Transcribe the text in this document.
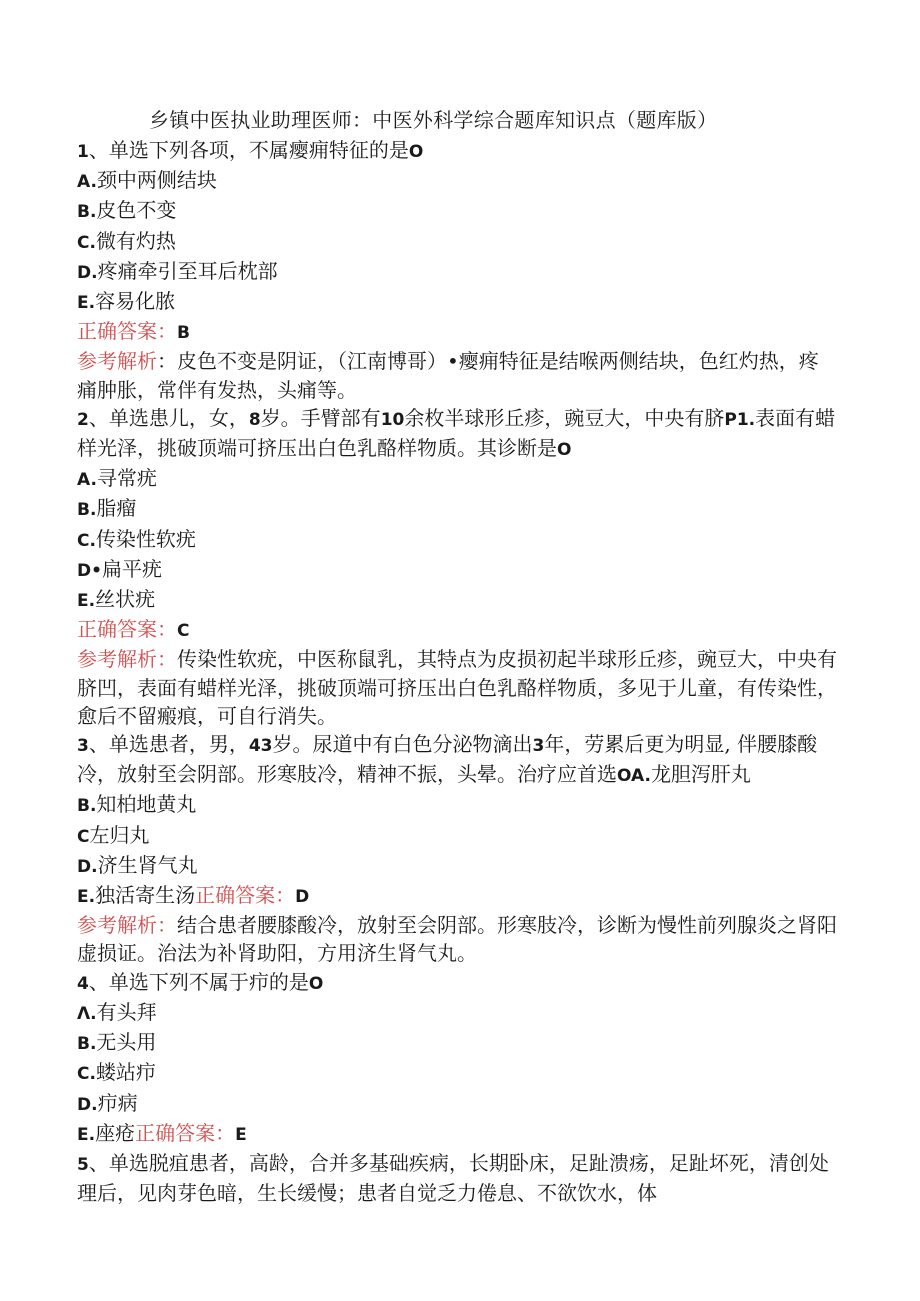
乡镇中医执业助理医师：中医外科学综合题库知识点（题库版）
1、单选下列各项，不属瘿痈特征的是O
A.颈中两侧结块
B.皮色不变
C.微有灼热
D.疼痛牵引至耳后枕部
E.容易化脓
正确答案：B
参考解析：皮色不变是阴证，（江南博哥）•瘿痈特征是结喉两侧结块，色红灼热，疼痛肿胀，常伴有发热，头痛等。
2、单选患儿，女，8岁。手臂部有10余枚半球形丘疹，豌豆大，中央有脐P1.表面有蜡样光泽，挑破顶端可挤压出白色乳酪样物质。其诊断是O
A.寻常疣
B.脂瘤
C.传染性软疣
D•扁平疣
E.丝状疣
正确答案：C
参考解析：传染性软疣，中医称鼠乳，其特点为皮损初起半球形丘疹，豌豆大，中央有脐凹，表面有蜡样光泽，挑破顶端可挤压出白色乳酪样物质，多见于儿童，有传染性，愈后不留瘢痕，可自行消失。
3、单选患者，男，43岁。尿道中有白色分泌物滴出3年，劳累后更为明显, 伴腰膝酸冷，放射至会阴部。形寒肢冷，精神不振，头晕。治疗应首选OA.龙胆泻肝丸
B.知柏地黄丸
C左归丸
D.济生肾气丸
E.独活寄生汤正确答案：D
参考解析：结合患者腰膝酸冷，放射至会阴部。形寒肢冷，诊断为慢性前列腺炎之肾阳虚损证。治法为补肾助阳，方用济生肾气丸。
4、单选下列不属于疖的是O
Λ.有头拜
B.无头用
C.蝼站疖
D.疖病
E.座疮正确答案：E
5、单选脱疽患者，高龄，合并多基础疾病，长期卧床，足趾溃疡，足趾坏死，清创处理后，见肉芽色暗，生长缓慢；患者自觉乏力倦息、不欲饮水，体
